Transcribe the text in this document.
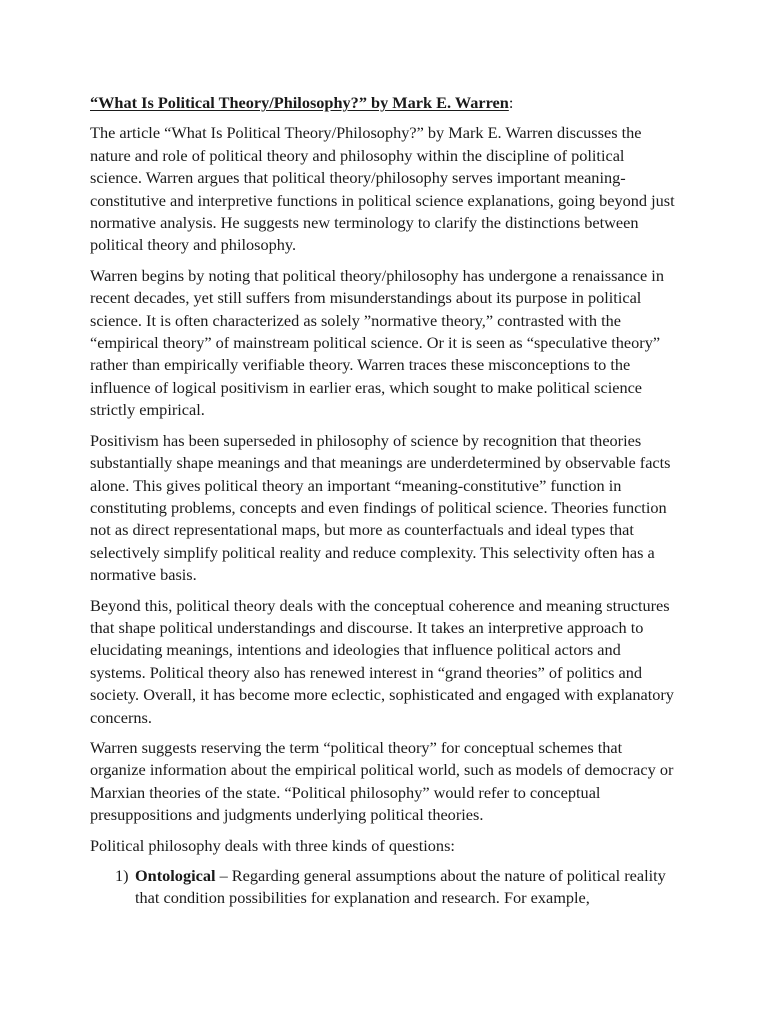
“What Is Political Theory/Philosophy?” by Mark E. Warren:

The article “What Is Political Theory/Philosophy?” by Mark E. Warren discusses the nature and role of political theory and philosophy within the discipline of political science. Warren argues that political theory/philosophy serves important meaning-constitutive and interpretive functions in political science explanations, going beyond just normative analysis. He suggests new terminology to clarify the distinctions between political theory and philosophy.

Warren begins by noting that political theory/philosophy has undergone a renaissance in recent decades, yet still suffers from misunderstandings about its purpose in political science. It is often characterized as solely ”normative theory,” contrasted with the “empirical theory” of mainstream political science. Or it is seen as “speculative theory” rather than empirically verifiable theory. Warren traces these misconceptions to the influence of logical positivism in earlier eras, which sought to make political science strictly empirical.

Positivism has been superseded in philosophy of science by recognition that theories substantially shape meanings and that meanings are underdetermined by observable facts alone. This gives political theory an important “meaning-constitutive” function in constituting problems, concepts and even findings of political science. Theories function not as direct representational maps, but more as counterfactuals and ideal types that selectively simplify political reality and reduce complexity. This selectivity often has a normative basis.

Beyond this, political theory deals with the conceptual coherence and meaning structures that shape political understandings and discourse. It takes an interpretive approach to elucidating meanings, intentions and ideologies that influence political actors and systems. Political theory also has renewed interest in “grand theories” of politics and society. Overall, it has become more eclectic, sophisticated and engaged with explanatory concerns.

Warren suggests reserving the term “political theory” for conceptual schemes that organize information about the empirical political world, such as models of democracy or Marxian theories of the state. “Political philosophy” would refer to conceptual presuppositions and judgments underlying political theories.

Political philosophy deals with three kinds of questions:

1) Ontological – Regarding general assumptions about the nature of political reality that condition possibilities for explanation and research. For example,
